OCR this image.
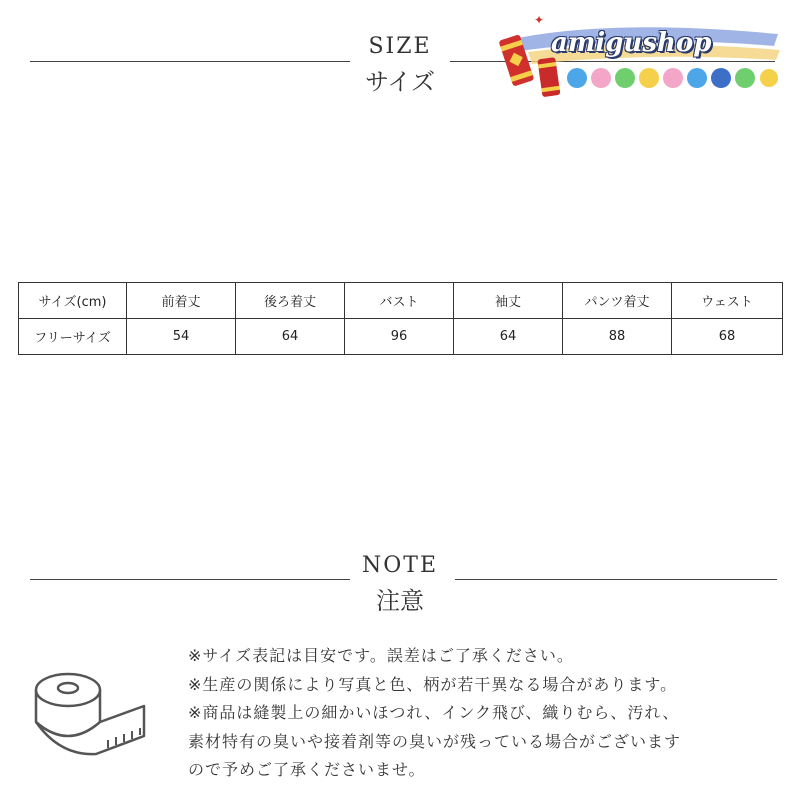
SIZE
サイズ
✦
amigushop
サイズ(cm)	前着丈	後ろ着丈	バスト	袖丈	パンツ着丈	ウェスト
フリーサイズ	54	64	96	64	88	68
NOTE
注意
※サイズ表記は目安です。誤差はご了承ください。
※生産の関係により写真と色、柄が若干異なる場合があります。
※商品は縫製上の細かいほつれ、インク飛び、織りむら、汚れ、
素材特有の臭いや接着剤等の臭いが残っている場合がございます
ので予めご了承くださいませ。
